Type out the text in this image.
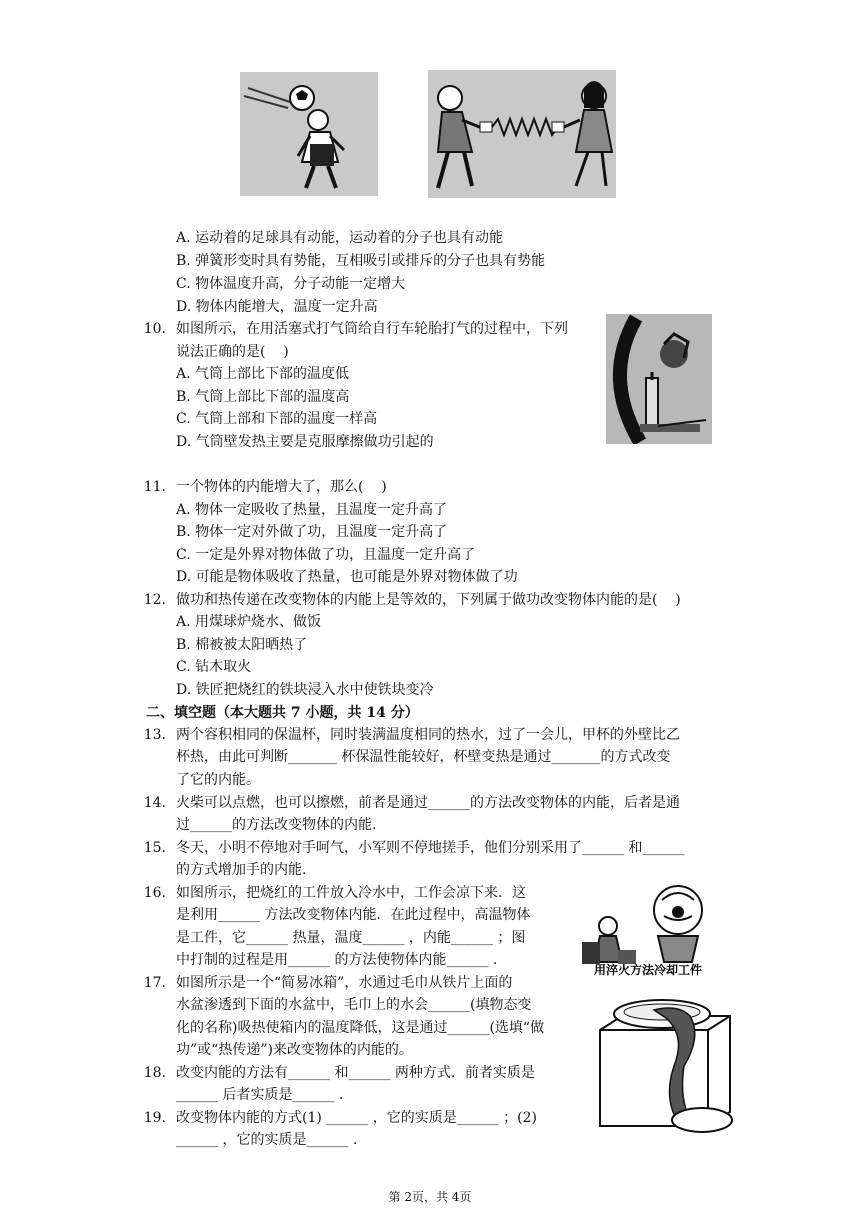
A. 运动着的足球具有动能，运动着的分子也具有动能
B. 弹簧形变时具有势能，互相吸引或排斥的分子也具有势能
C. 物体温度升高，分子动能一定增大
D. 物体内能增大，温度一定升高
10. 如图所示，在用活塞式打气筒给自行车轮胎打气的过程中，下列
说法正确的是(    )
A. 气筒上部比下部的温度低
B. 气筒上部比下部的温度高
C. 气筒上部和下部的温度一样高
D. 气筒壁发热主要是克服摩擦做功引起的
11. 一个物体的内能增大了，那么(    )
A. 物体一定吸收了热量，且温度一定升高了
B. 物体一定对外做了功，且温度一定升高了
C. 一定是外界对物体做了功，且温度一定升高了
D. 可能是物体吸收了热量，也可能是外界对物体做了功
12. 做功和热传递在改变物体的内能上是等效的，下列属于做功改变物体内能的是(    )
A. 用煤球炉烧水、做饭
B. 棉被被太阳晒热了
C. 钻木取火
D. 铁匠把烧红的铁块浸入水中使铁块变冷
二、填空题（本大题共 7 小题，共 14 分）
13. 两个容积相同的保温杯，同时装满温度相同的热水，过了一会儿，甲杯的外壁比乙
杯热，由此可判断_______ 杯保温性能较好，杯壁变热是通过_______的方式改变
了它的内能。
14. 火柴可以点燃，也可以擦燃，前者是通过______的方法改变物体的内能，后者是通
过______的方法改变物体的内能.
15. 冬天，小明不停地对手呵气，小军则不停地搓手，他们分别采用了______ 和______
的方式增加手的内能.
16. 如图所示，把烧红的工件放入冷水中，工作会凉下来．这
是利用______ 方法改变物体内能．在此过程中，高温物体
是工件，它______ 热量，温度______ ，内能______ ；图
中打制的过程是用______ 的方法使物体内能______ .
用淬火方法冷却工件
17. 如图所示是一个“简易冰箱”，水通过毛巾从铁片上面的
水盆渗透到下面的水盆中，毛巾上的水会______(填物态变
化的名称)吸热使箱内的温度降低，这是通过______(选填“做
功”或“热传递”)来改变物体的内能的。
18. 改变内能的方法有______ 和______ 两种方式．前者实质是
______ 后者实质是______ .
19. 改变物体内能的方式(1) ______ ，它的实质是______ ；(2)
______ ，它的实质是______ .
第 2页，共 4页
